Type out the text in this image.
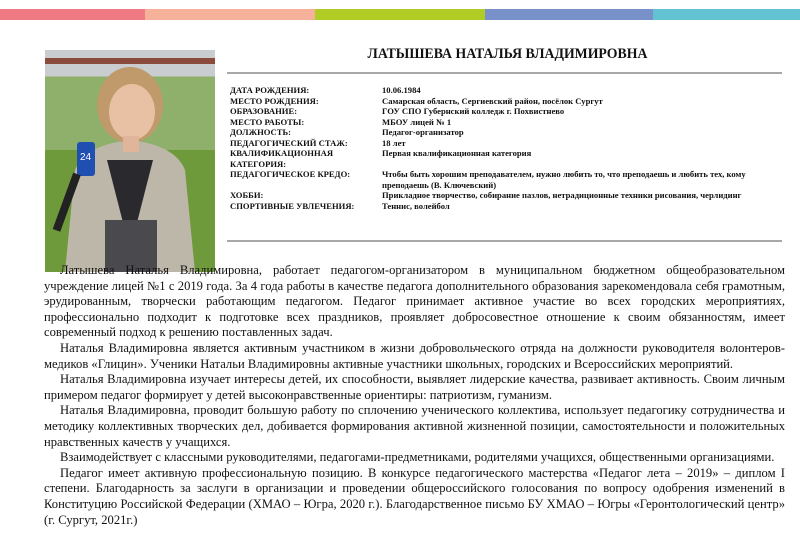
24
ЛАТЫШЕВА НАТАЛЬЯ ВЛАДИМИРОВНА
ДАТА РОЖДЕНИЯ:	10.06.1984
МЕСТО РОЖДЕНИЯ:	Самарская область, Сергиевский район, посёлок Сургут
ОБРАЗОВАНИЕ:	ГОУ СПО Губернский колледж г. Похвистнево
МЕСТО РАБОТЫ:	МБОУ лицей № 1
ДОЛЖНОСТЬ:	Педагог-организатор
ПЕДАГОГИЧЕСКИЙ СТАЖ:	18 лет
КВАЛИФИКАЦИОННАЯ КАТЕГОРИЯ:
Первая квалификационная категория
ПЕДАГОГИЧЕСКОЕ КРЕДО:	Чтобы быть хорошим преподавателем, нужно любить то, что преподаешь и любить тех, кому преподаешь (В. Ключевский)
ХОББИ:	Прикладное творчество, собирание пазлов, нетрадиционные техники рисования, черлидинг
СПОРТИВНЫЕ УВЛЕЧЕНИЯ:	Теннис, волейбол

Латышева Наталья Владимировна, работает педагогом-организатором в муниципальном бюджетном общеобразовательном учреждение лицей №1 с 2019 года. За 4 года работы в качестве педагога дополнительного образования зарекомендовала себя грамотным, эрудированным, творчески работающим педагогом. Педагог принимает активное участие во всех городских мероприятиях, профессионально подходит к подготовке всех праздников, проявляет добросовестное отношение к своим обязанностям, имеет современный подход к решению поставленных задач.

Наталья Владимировна является активным участником в жизни добровольческого отряда на должности руководителя волонтеров-медиков «Глицин». Ученики Натальи Владимировны активные участники школьных, городских и Всероссийских мероприятий.

Наталья Владимировна изучает интересы детей, их способности, выявляет лидерские качества, развивает активность. Своим личным примером педагог формирует у детей высоконравственные ориентиры: патриотизм, гуманизм.

Наталья Владимировна, проводит большую работу по сплочению ученического коллектива, использует педагогику сотрудничества и методику коллективных творческих дел, добивается формирования активной жизненной позиции, самостоятельности и положительных нравственных качеств у учащихся.

Взаимодействует с классными руководителями, педагогами-предметниками, родителями учащихся, общественными организациями.

Педагог имеет активную профессиональную позицию. В конкурсе педагогического мастерства «Педагог лета – 2019» – диплом I степени. Благодарность за заслуги в организации и проведении общероссийского голосования по вопросу одобрения изменений в Конституцию Российской Федерации (ХМАО – Югра, 2020 г.). Благодарственное письмо БУ ХМАО – Югры «Геронтологический центр» (г. Сургут, 2021г.)
